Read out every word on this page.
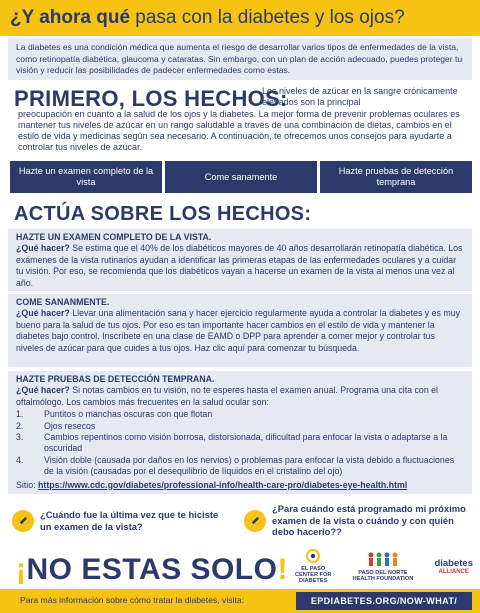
¿Y ahora qué pasa con la diabetes y los ojos?
La diabetes es una condición médica que aumenta el riesgo de desarrollar varios tipos de enfermedades de la vista, como retinopatía diabética, glaucoma y cataratas. Sin embargo, con un plan de acción adecuado, puedes proteger tu visión y reducir las posibilidades de padecer enfermedades como estas.
PRIMERO, LOS HECHOS:
Los niveles de azúcar en la sangre crónicamente elevados son la principal
preocupación en cuanto a la salud de los ojos y la diabetes. La mejor forma de prevenir problemas oculares es mantener tus niveles de azúcar en un rango saludable a través de una combinación de dietas, cambios en el estilo de vida y medicinas según sea necesario. A continuación, te ofrecemos unos consejos para ayudarte a controlar tus niveles de azúcar.
Hazte un examen completo de la vista
Come sanamente
Hazte pruebas de detección temprana
ACTÚA SOBRE LOS HECHOS:
HAZTE UN EXAMEN COMPLETO DE LA VISTA.
¿Qué hacer? Se estima que el 40% de los diabéticos mayores de 40 años desarrollarán retinopatía diabética. Los exámenes de la vista rutinarios ayudan a identificar las primeras etapas de las enfermedades oculares y a cuidar tu visión. Por eso, se recomienda que los diabéticos vayan a hacerse un examen de la vista al menos una vez al año.
COME SANANMENTE.
¿Qué hacer? Llevar una alimentación sana y hacer ejercicio regularmente ayuda a controlar la diabetes y es muy bueno para la salud de tus ojos. Por eso es tan importante hacer cambios en el estilo de vida y mantener la diabetes bajo control. Inscríbete en una clase de EAMD o DPP para aprender a comer mejor y controlar tus niveles de azúcar para que cuides a tus ojos. Haz clic aquí para comenzar tu búsqueda.
HAZTE PRUEBAS DE DETECCIÓN TEMPRANA.
¿Qué hacer? Si notas cambios en tu visión, no te esperes hasta el examen anual. Programa una cita con el oftalmólogo. Los cambios más frecuentes en la salud ocular son:
1.	Puntitos o manchas oscuras con que flotan
2.	Ojos resecos
3.	Cambios repentinos como visión borrosa, distorsionada, dificultad para enfocar la vista o adaptarse a la oscuridad
4.	Visión doble (causada por daños en los nervios) o problemas para enfocar la vista debido a fluctuaciones de la visión (causadas por el desequilibrio de líquidos en el cristalino del ojo)
Sitio: https://www.cdc.gov/diabetes/professional-info/health-care-pro/diabetes-eye-health.html
¿Cuándo fue la última vez que te hiciste un examen de la vista?
¿Para cuándo está programado mi próximo examen de la vista o cuándo y con quién debo hacerlo??
¡NO ESTAS SOLO!	EL PASO
CENTER FOR
DIABETES
PASO DEL NORTE
HEALTH FOUNDATION
diabetes
ALLIANCE
Para más información sobre cómo tratar la diabetes, visita:	EPDIABETES.ORG/NOW-WHAT/
